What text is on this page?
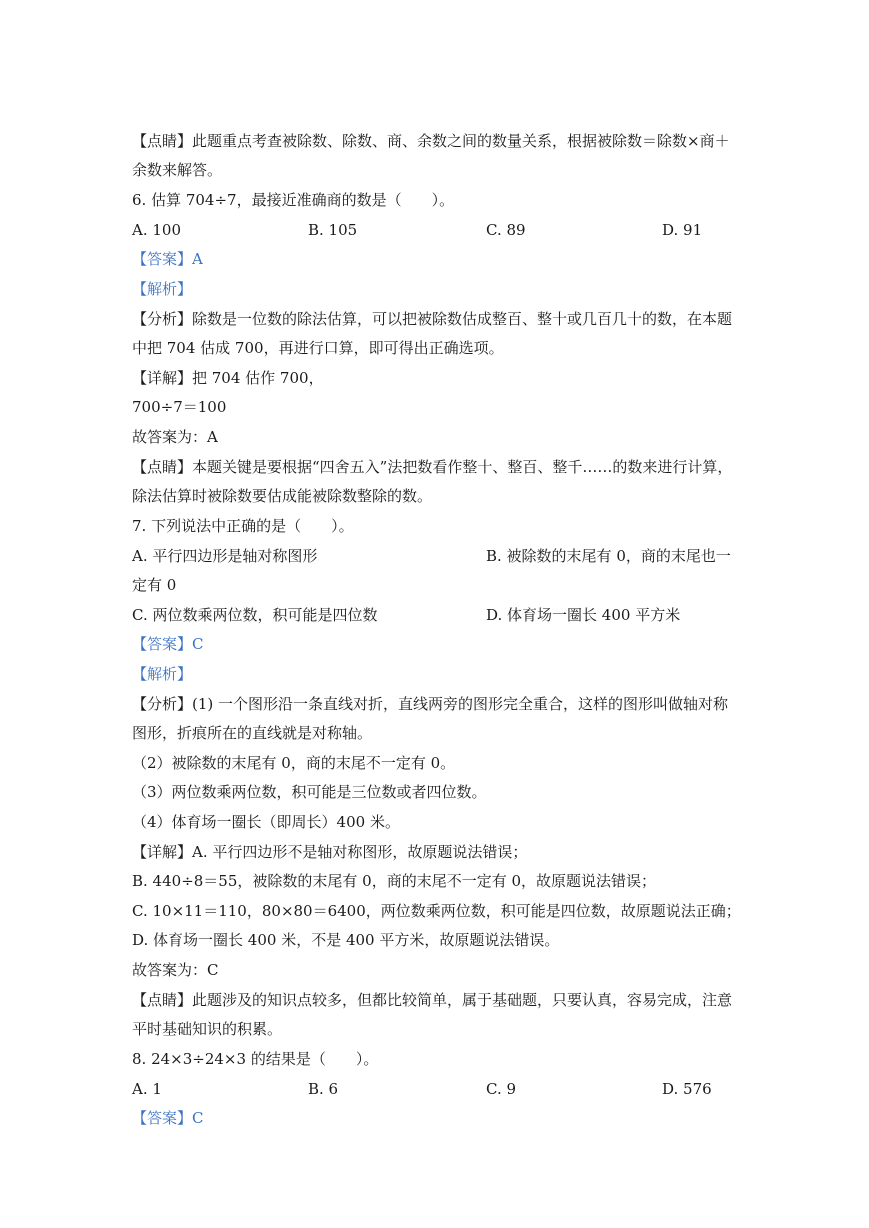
【点睛】此题重点考查被除数、除数、商、余数之间的数量关系，根据被除数＝除数×商＋
余数来解答。
6. 估算 704÷7，最接近准确商的数是（　　）。
A. 100	B. 105	C. 89	D. 91
【答案】A
【解析】
【分析】除数是一位数的除法估算，可以把被除数估成整百、整十或几百几十的数，在本题
中把 704 估成 700，再进行口算，即可得出正确选项。
【详解】把 704 估作 700，
700÷7＝100
故答案为：A
【点睛】本题关键是要根据“四舍五入”法把数看作整十、整百、整千……的数来进行计算，
除法估算时被除数要估成能被除数整除的数。
7. 下列说法中正确的是（　　）。
A. 平行四边形是轴对称图形	B. 被除数的末尾有 0，商的末尾也一
定有 0
C. 两位数乘两位数，积可能是四位数	D. 体育场一圈长 400 平方米
【答案】C
【解析】
【分析】(1) 一个图形沿一条直线对折，直线两旁的图形完全重合，这样的图形叫做轴对称
图形，折痕所在的直线就是对称轴。
（2）被除数的末尾有 0，商的末尾不一定有 0。
（3）两位数乘两位数，积可能是三位数或者四位数。
（4）体育场一圈长（即周长）400 米。
【详解】A. 平行四边形不是轴对称图形，故原题说法错误；
B. 440÷8＝55，被除数的末尾有 0，商的末尾不一定有 0，故原题说法错误；
C. 10×11＝110，80×80＝6400，两位数乘两位数，积可能是四位数，故原题说法正确；
D. 体育场一圈长 400 米，不是 400 平方米，故原题说法错误。
故答案为：C
【点睛】此题涉及的知识点较多，但都比较简单，属于基础题，只要认真，容易完成，注意
平时基础知识的积累。
8. 24×3÷24×3 的结果是（　　）。
A. 1	B. 6	C. 9	D. 576
【答案】C
